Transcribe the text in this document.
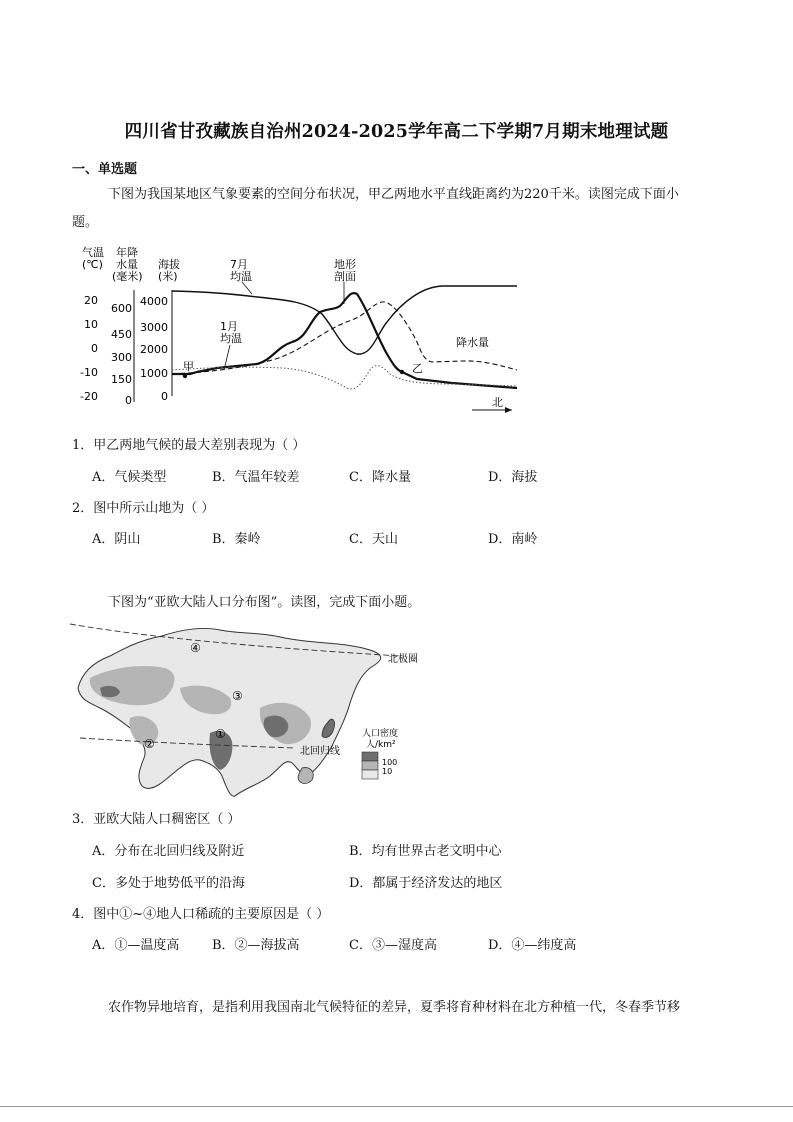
四川省甘孜藏族自治州2024-2025学年高二下学期7月期末地理试题
一、单选题
下图为我国某地区气象要素的空间分布状况，甲乙两地水平直线距离约为220千米。读图完成下面小
题。
气温
(℃)
年降
水量
(毫米)
海拔
(米)
20
10
0
-10
-20
600
450
300
150
0
4000
3000
2000
1000
0
7月
均温
1月
均温
地形
剖面
降水量
甲	乙
北
1．甲乙两地气候的最大差别表现为（ ）
A．气候类型	B．气温年较差	C．降水量	D．海拔
2．图中所示山地为（ ）
A．阴山	B．秦岭	C．天山	D．南岭
下图为“亚欧大陆人口分布图”。读图，完成下面小题。
北极圈
北回归线
④
③
①
②
人口密度
人/km²
100
10
3．亚欧大陆人口稠密区（ ）
A．分布在北回归线及附近	B．均有世界古老文明中心
C．多处于地势低平的沿海	D．都属于经济发达的地区
4．图中①~④地人口稀疏的主要原因是（ ）
A．①—温度高	B．②—海拔高	C．③—湿度高	D．④—纬度高
农作物异地培育，是指利用我国南北气候特征的差异，夏季将育种材料在北方种植一代，冬春季节移
